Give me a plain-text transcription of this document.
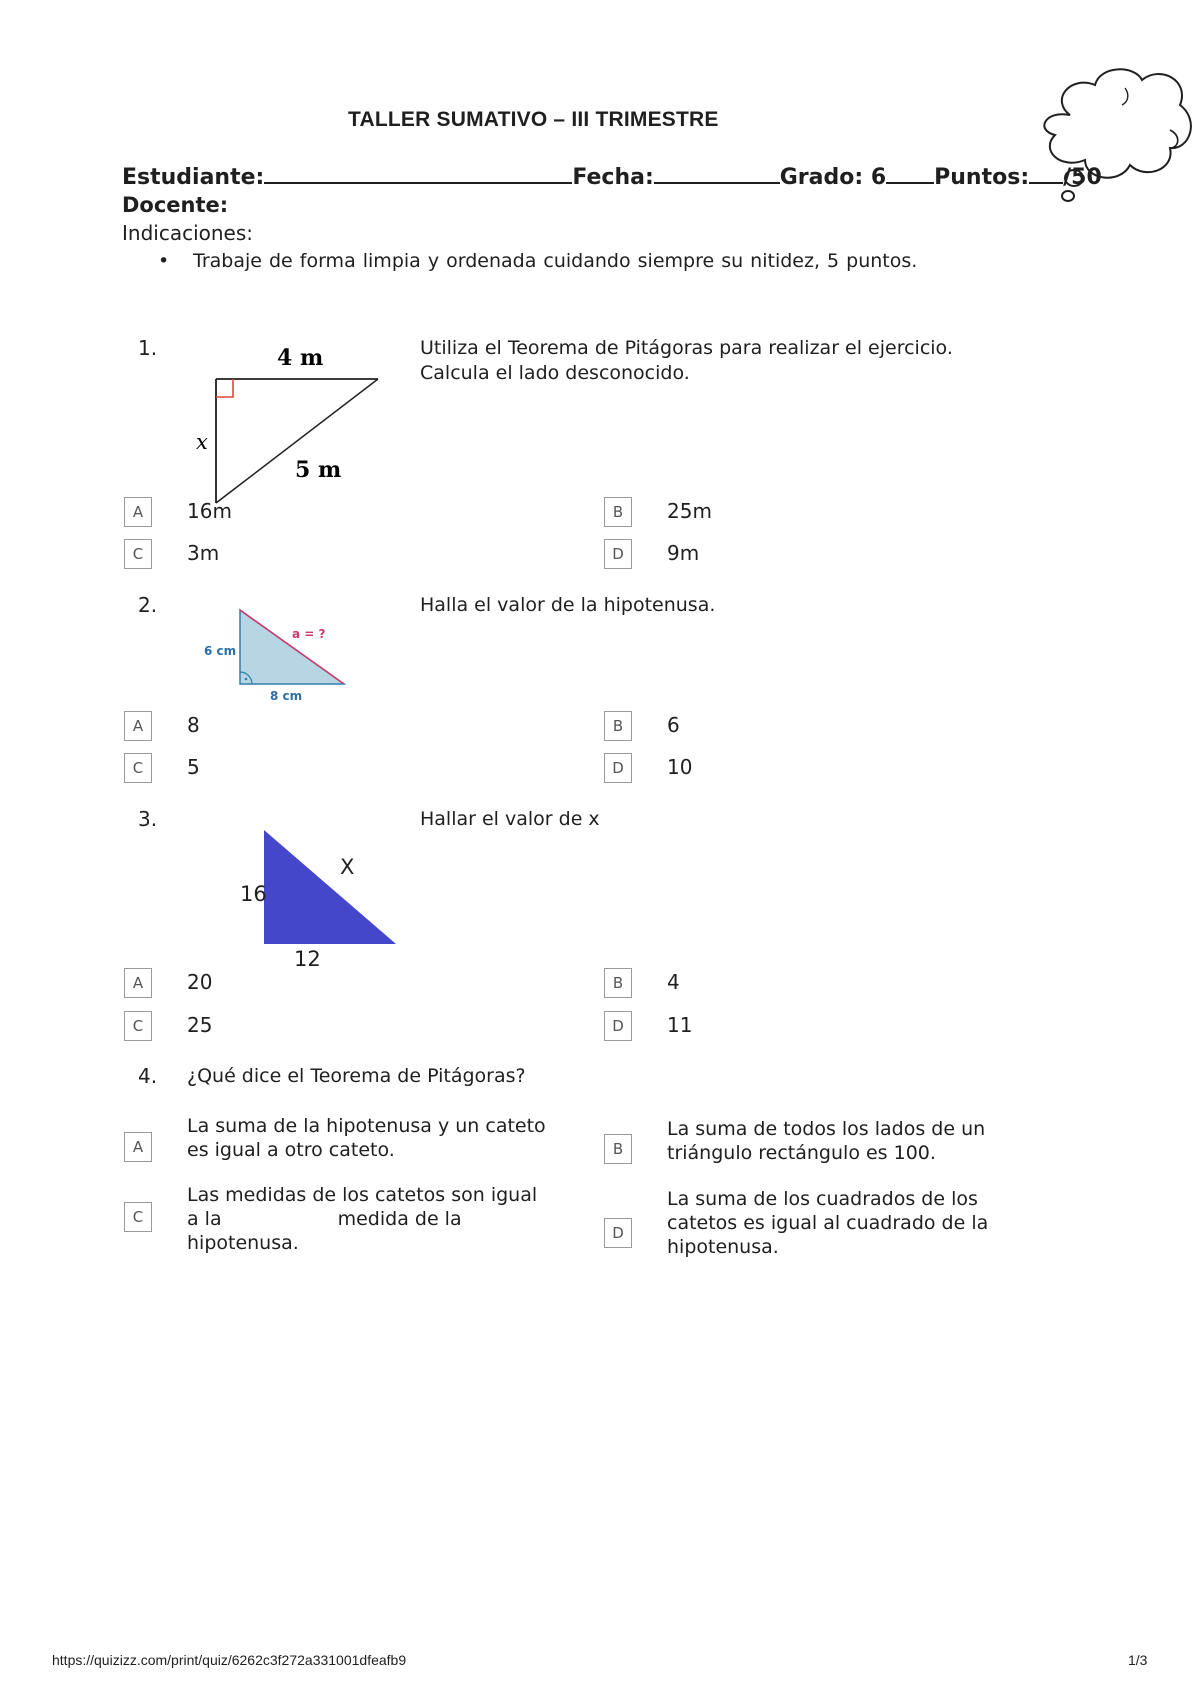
TALLER SUMATIVO – III TRIMESTRE
Estudiante:	Fecha:	Grado: 6 Puntos: /50
Docente:
Indicaciones:
• Trabaje de forma limpia y ordenada cuidando siempre su nitidez, 5 puntos.
1.	4 m
x
5 m
Utiliza el Teorema de Pitágoras para realizar el ejercicio.
Calcula el lado desconocido.
A	16m	B	25m
C	3m	D	9m
2.
6 cm
8 cm
a = ?
Halla el valor de la hipotenusa.
A	8	B	6
C	5	D	10
3.
16
12
X
Hallar el valor de x
A	20	B	4
C	25	D	11
4. ¿Qué dice el Teorema de Pitágoras?
A
La suma de la hipotenusa y un cateto
es igual a otro cateto.	B
La suma de todos los lados de un
triángulo rectángulo es 100.
C
Las medidas de los catetos son igual
a la	medida de la
hipotenusa.	D
La suma de los cuadrados de los
catetos es igual al cuadrado de la
hipotenusa.
https://quizizz.com/print/quiz/6262c3f272a331001dfeafb9	1/3
